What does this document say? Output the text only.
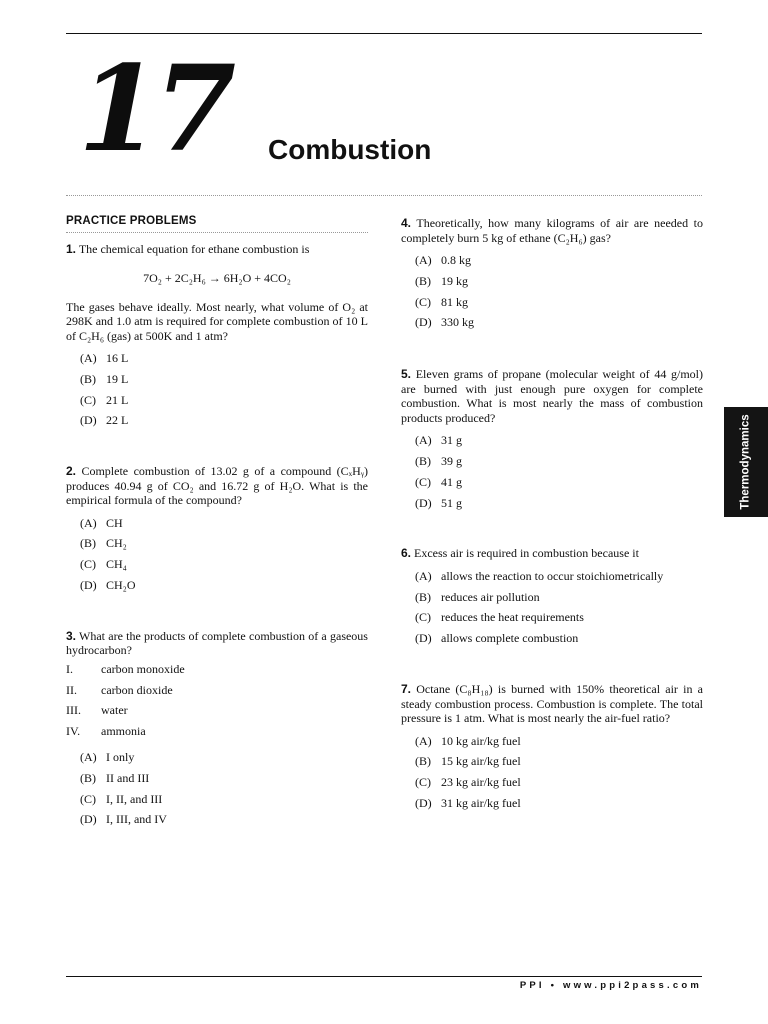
17 Combustion
PRACTICE PROBLEMS
1. The chemical equation for ethane combustion is
7O₂ + 2C₂H₆ → 6H₂O + 4CO₂
The gases behave ideally. Most nearly, what volume of O₂ at 298K and 1.0 atm is required for complete combustion of 10 L of C₂H₆ (gas) at 500K and 1 atm?
(A) 16 L
(B) 19 L
(C) 21 L
(D) 22 L
2. Complete combustion of 13.02 g of a compound (CₓHᵧ) produces 40.94 g of CO₂ and 16.72 g of H₂O. What is the empirical formula of the compound?
(A) CH
(B) CH₂
(C) CH₄
(D) CH₂O
3. What are the products of complete combustion of a gaseous hydrocarbon?
I. carbon monoxide
II. carbon dioxide
III. water
IV. ammonia
(A) I only
(B) II and III
(C) I, II, and III
(D) I, III, and IV
4. Theoretically, how many kilograms of air are needed to completely burn 5 kg of ethane (C₂H₆) gas?
(A) 0.8 kg
(B) 19 kg
(C) 81 kg
(D) 330 kg
5. Eleven grams of propane (molecular weight of 44 g/mol) are burned with just enough pure oxygen for complete combustion. What is most nearly the mass of combustion products produced?
(A) 31 g
(B) 39 g
(C) 41 g
(D) 51 g
6. Excess air is required in combustion because it
(A) allows the reaction to occur stoichiometrically
(B) reduces air pollution
(C) reduces the heat requirements
(D) allows complete combustion
7. Octane (C₈H₁₈) is burned with 150% theoretical air in a steady combustion process. Combustion is complete. The total pressure is 1 atm. What is most nearly the air-fuel ratio?
(A) 10 kg air/kg fuel
(B) 15 kg air/kg fuel
(C) 23 kg air/kg fuel
(D) 31 kg air/kg fuel
Thermodynamics
PPI • www.ppi2pass.com
